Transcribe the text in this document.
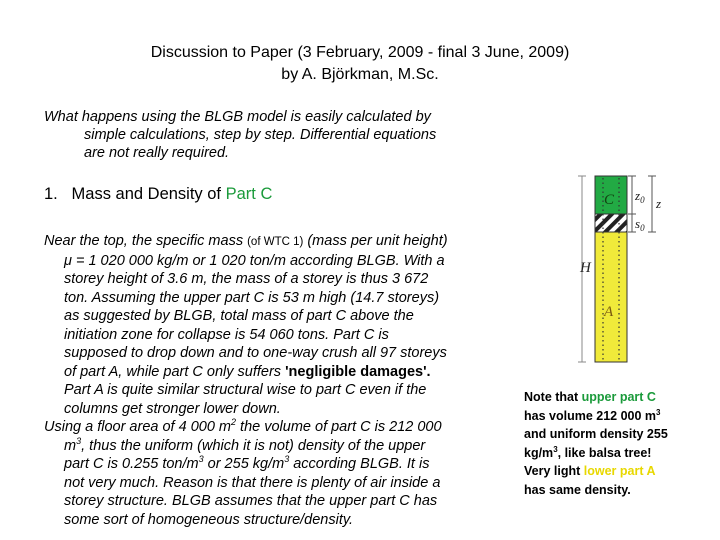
Discussion to Paper (3 February, 2009 - final 3 June, 2009)
by A. Björkman, M.Sc.
What happens using the BLGB model is easily calculated by
simple calculations, step by step. Differential equations
are not really required.
1. Mass and Density of Part C
Near the top, the specific mass (of WTC 1) (mass per unit height)
μ = 1 020 000 kg/m or 1 020 ton/m according BLGB. With a
storey height of 3.6 m, the mass of a storey is thus 3 672
ton. Assuming the upper part C is 53 m high (14.7 storeys)
as suggested by BLGB, total mass of part C above the
initiation zone for collapse is 54 060 tons. Part C is
supposed to drop down and to one-way crush all 97 storeys
of part A, while part C only suffers 'negligible damages'.
Part A is quite similar structural wise to part C even if the
columns get stronger lower down.
Using a floor area of 4 000 $m^2$ the volume of part C is 212 000
$m^3$, thus the uniform (which it is not) density of the upper
part C is 0.255 ton/$m^3$ or 255 $kg/m^3$ according BLGB. It is
not very much. Reason is that there is plenty of air inside a
storey structure. BLGB assumes that the upper part C has
some sort of homogeneous structure/density.
H
$z_0$ z
$s_0$
C
A
Note that upper part C
has volume 212 000 $m^3$
and uniform density 255
$kg/m^3$, like balsa tree!
Very light lower part A
has same density.
